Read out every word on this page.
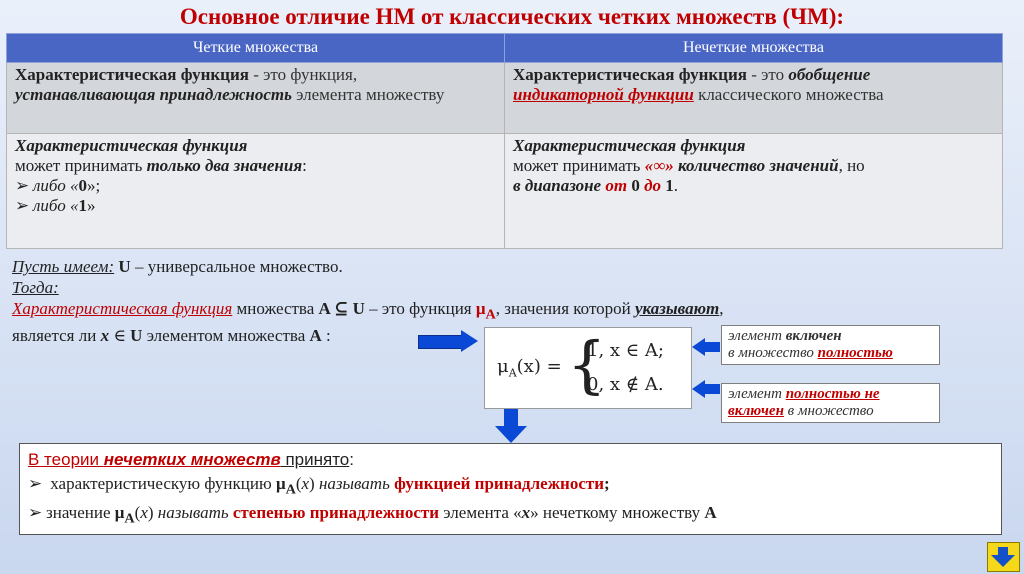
Основное отличие НМ от классических четких множеств (ЧМ):
Четкие множества	Нечеткие множества
Характеристическая функция - это функция,
устанавливающая принадлежность элемента множеству	Характеристическая функция - это обобщение
индикаторной функции классического множества
Характеристическая функция
может принимать только два значения:
➢ либо «0»;
➢ либо «1»	Характеристическая функция
может принимать «∞» количество значений, но
в диапазоне от 0 до 1.
Пусть имеем: U – универсальное множество.
Тогда:
Характеристическая функция множества A ⊆ U – это функция $\mu_A$, значения которой указывают,
является ли x ∈ U элементом множества A :
$\mu_A(x)$ = {
1, x ∈ A;
0, x ∉ A.
элемент включен
в множество полностью
элемент полностью не
включен в множество
В теории нечетких множеств принято:
➢ характеристическую функцию $\mu_A(x)$ называть функцией принадлежности;
➢ значение $\mu_A(x)$ называть степенью принадлежности элемента «x» нечеткому множеству A
